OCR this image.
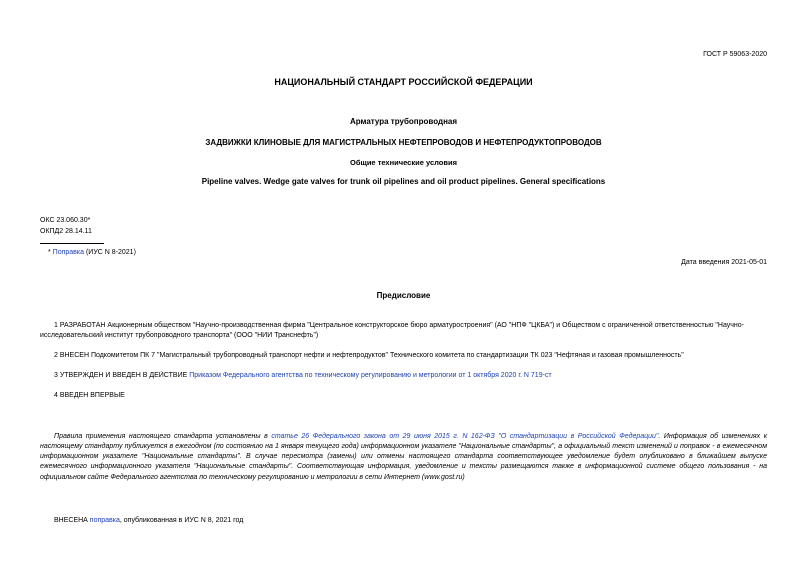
ГОСТ Р 59063-2020
НАЦИОНАЛЬНЫЙ СТАНДАРТ РОССИЙСКОЙ ФЕДЕРАЦИИ
Арматура трубопроводная
ЗАДВИЖКИ КЛИНОВЫЕ ДЛЯ МАГИСТРАЛЬНЫХ НЕФТЕПРОВОДОВ И НЕФТЕПРОДУКТОПРОВОДОВ
Общие технические условия
Pipeline valves. Wedge gate valves for trunk oil pipelines and oil product pipelines. General specifications
ОКС 23.060.30*
ОКПД2 28.14.11
* Поправка (ИУС N 8-2021)
Дата введения 2021-05-01
Предисловие
1 РАЗРАБОТАН Акционерным обществом "Научно-производственная фирма "Центральное конструкторское бюро арматуростроения" (АО "НПФ "ЦКБА") и Обществом с ограниченной ответственностью "Научно-
исследовательский институт трубопроводного транспорта" (ООО "НИИ Транснефть")
2 ВНЕСЕН Подкомитетом ПК 7 "Магистральный трубопроводный транспорт нефти и нефтепродуктов" Технического комитета по стандартизации ТК 023 "Нефтяная и газовая промышленность"
3 УТВЕРЖДЕН И ВВЕДЕН В ДЕЙСТВИЕ Приказом Федерального агентства по техническому регулированию и метрологии от 1 октября 2020 г. N 719-ст
4 ВВЕДЕН ВПЕРВЫЕ
Правила применения настоящего стандарта установлены в статье 26 Федерального закона от 29 июня 2015 г. N 162-ФЗ "О стандартизации в Российской Федерации". Информация об изменениях к настоящему стандарту публикуется в ежегодном (по состоянию на 1 января текущего года) информационном указателе "Национальные стандарты", а официальный текст изменений и поправок - в ежемесячном информационном указателе "Национальные стандарты". В случае пересмотра (замены) или отмены настоящего стандарта соответствующее уведомление будет опубликовано в ближайшем выпуске ежемесячного информационного указателя "Национальные стандарты". Соответствующая информация, уведомление и тексты размещаются также в информационной системе общего пользования - на официальном сайте Федерального агентства по техническому регулированию и метрологии в сети Интернет (www.gost.ru)
ВНЕСЕНА поправка, опубликованная в ИУС N 8, 2021 год
